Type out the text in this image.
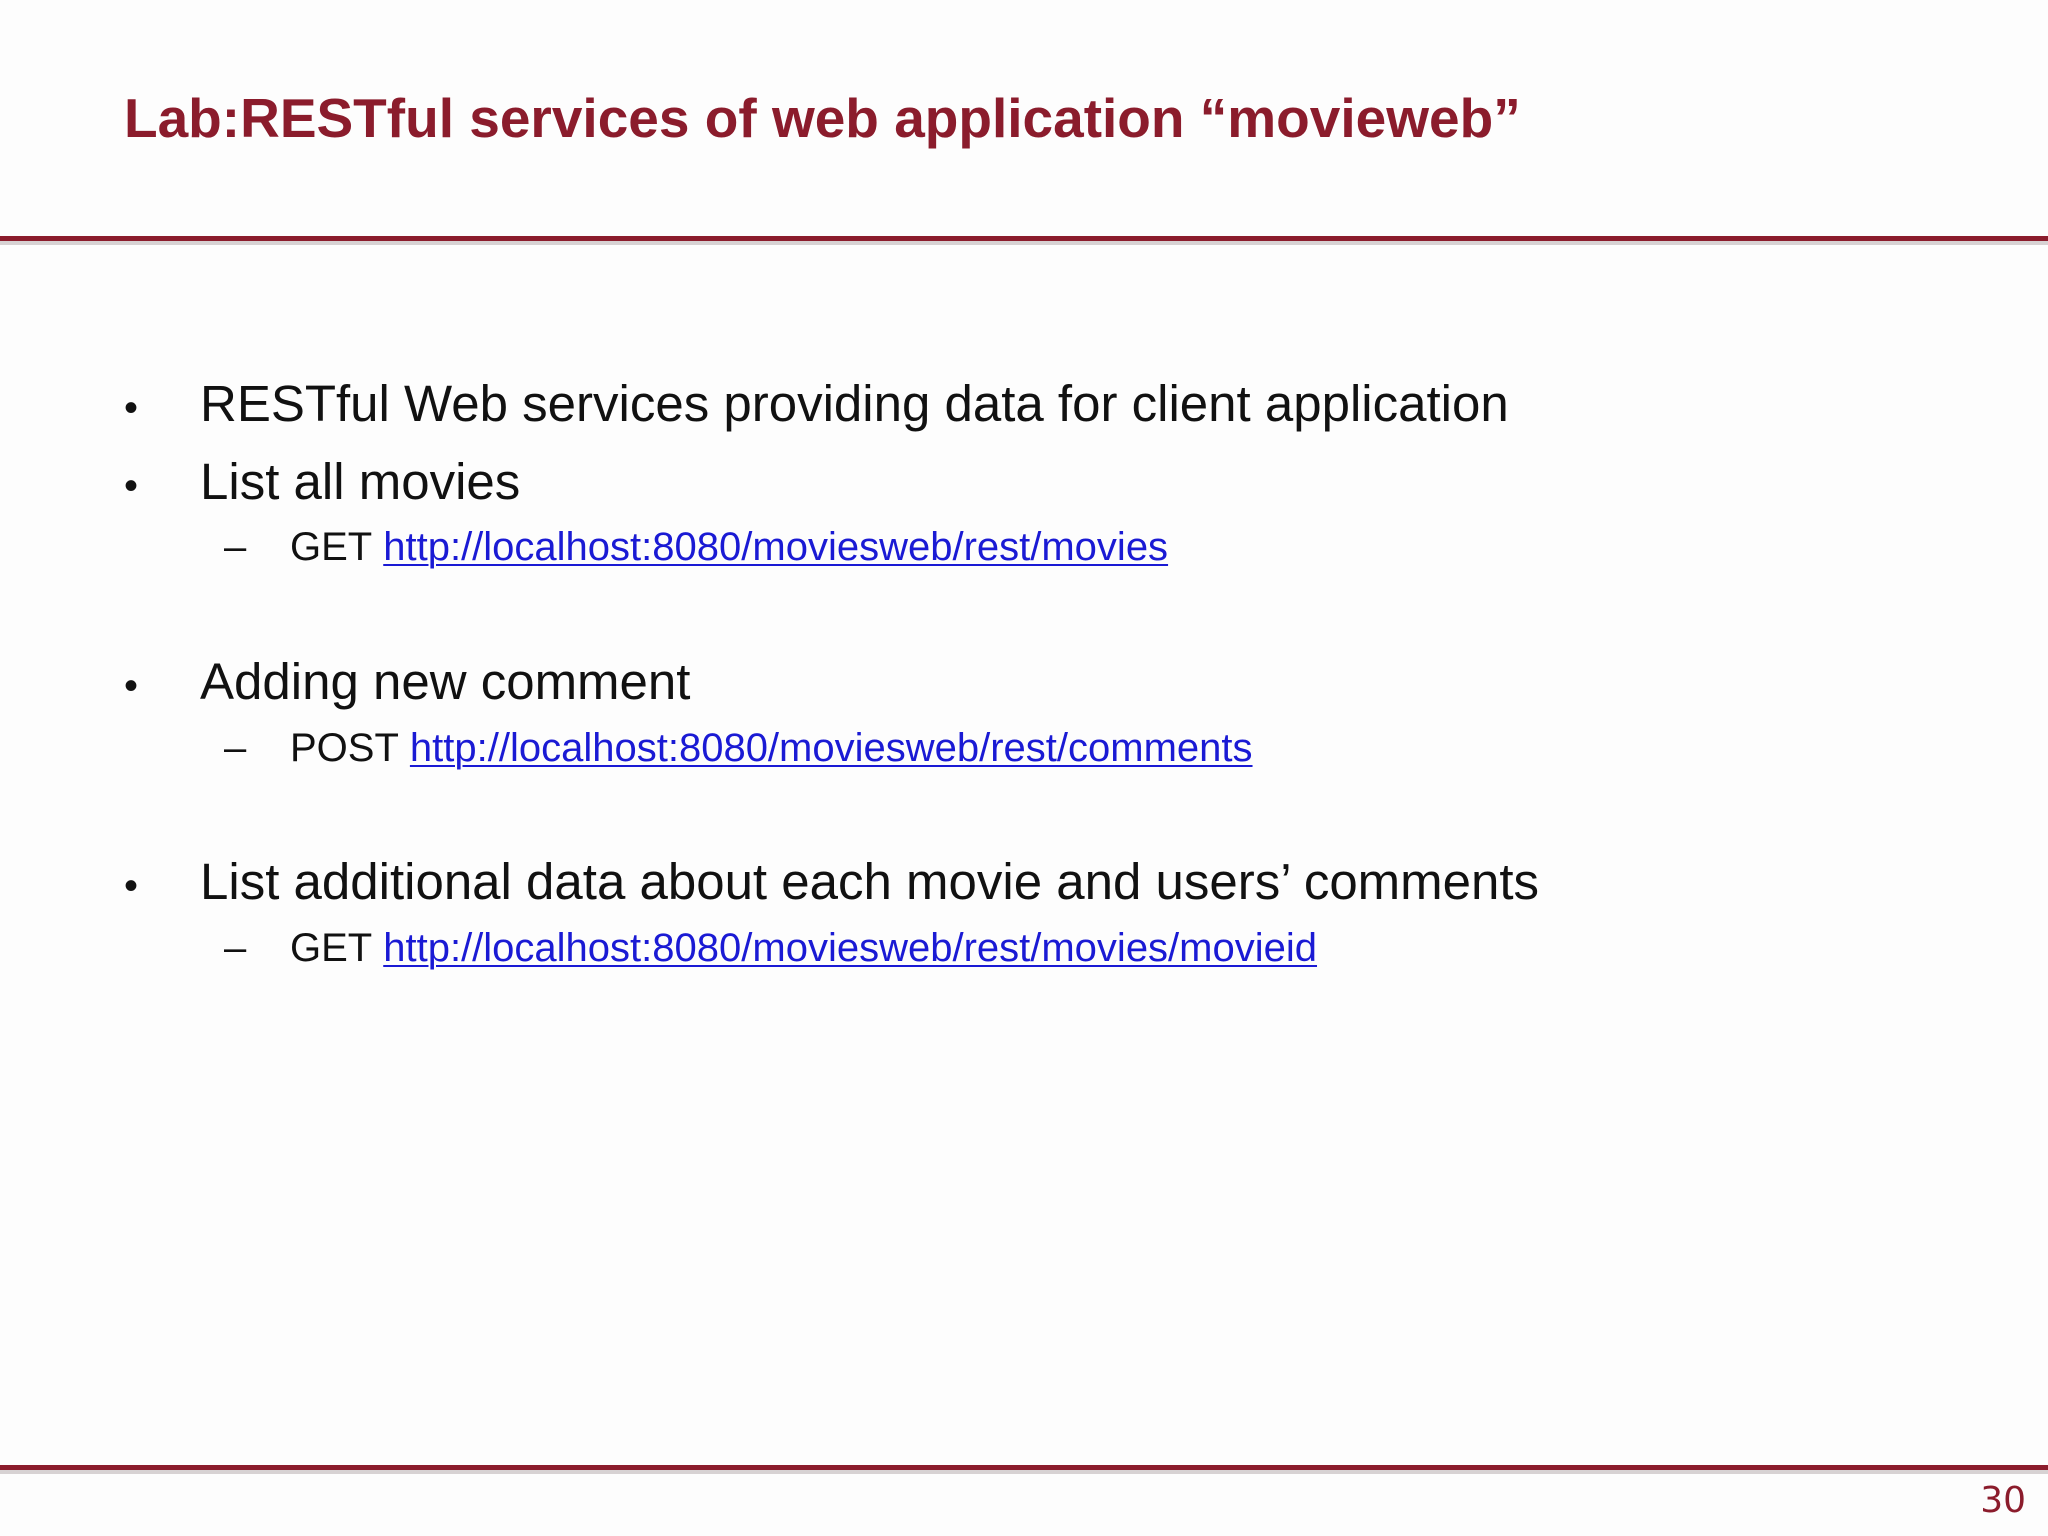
Lab:RESTful services of web application “movieweb”
•	RESTful Web services providing data for client application
•	List all movies
–	GET http://localhost:8080/moviesweb/rest/movies
•	Adding new comment
–	POST http://localhost:8080/moviesweb/rest/comments
•	List additional data about each movie and users’ comments
–	GET http://localhost:8080/moviesweb/rest/movies/movieid
30
